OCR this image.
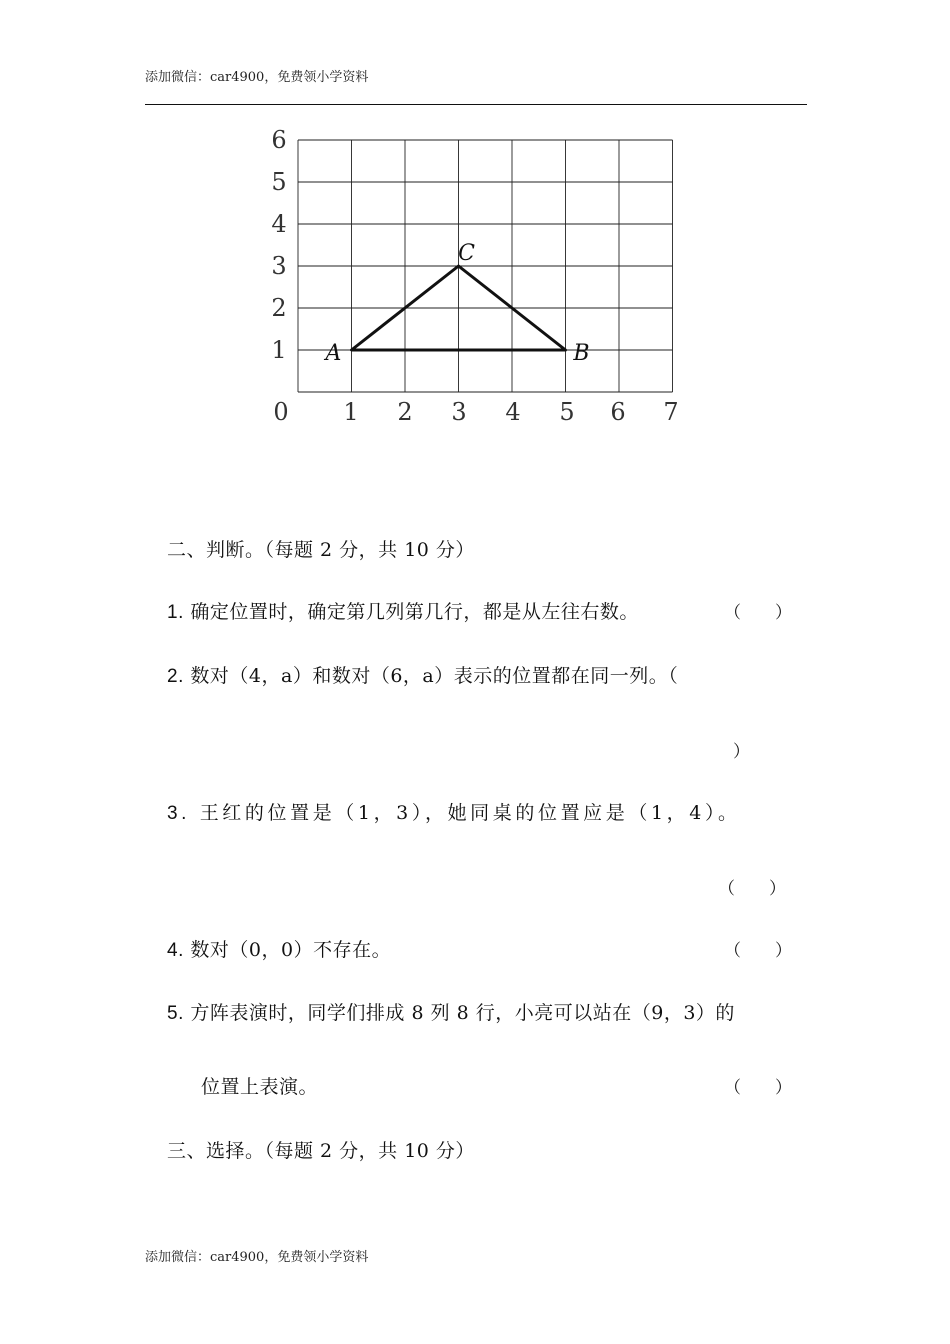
添加微信：car4900，免费领小学资料
0 1 2 3 4 5 6 7
1
2
3
4
5
6
A	B
C
二、判断。（每题 2 分，共 10 分）
1. 确定位置时，确定第几列第几行，都是从左往右数。	（　　）
2. 数对（4，a）和数对（6，a）表示的位置都在同一列。（
）
3. 王红的位置是（1，3），她同桌的位置应是（1，4）。
（　　）
4. 数对（0，0）不存在。	（　　）
5. 方阵表演时，同学们排成 8 列 8 行，小亮可以站在（9，3）的
位置上表演。	（　　）
三、选择。（每题 2 分，共 10 分）
添加微信：car4900，免费领小学资料
